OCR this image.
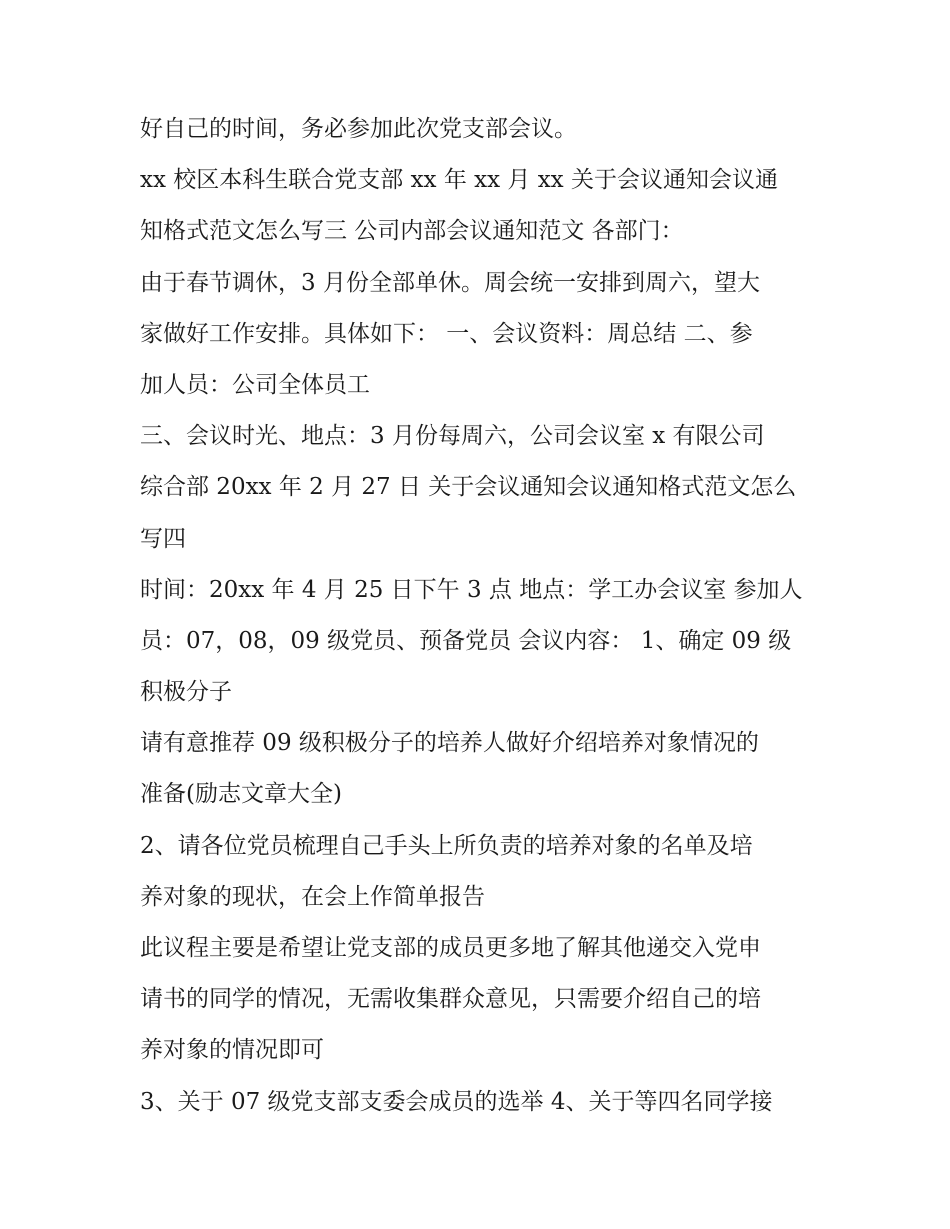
好自己的时间，务必参加此次党支部会议。

xx 校区本科生联合党支部 xx 年 xx 月 xx 关于会议通知会议通

知格式范文怎么写三 公司内部会议通知范文 各部门：

由于春节调休，3 月份全部单休。周会统一安排到周六，望大

家做好工作安排。具体如下： 一、会议资料：周总结 二、参

加人员：公司全体员工

三、会议时光、地点：3 月份每周六，公司会议室 x 有限公司

综合部 20xx 年 2 月 27 日 关于会议通知会议通知格式范文怎么

写四

时间：20xx 年 4 月 25 日下午 3 点 地点：学工办会议室 参加人

员：07，08，09 级党员、预备党员 会议内容： 1、确定 09 级

积极分子

请有意推荐 09 级积极分子的培养人做好介绍培养对象情况的

准备(励志文章大全)

2、请各位党员梳理自己手头上所负责的培养对象的名单及培

养对象的现状，在会上作简单报告

此议程主要是希望让党支部的成员更多地了解其他递交入党申

请书的同学的情况，无需收集群众意见，只需要介绍自己的培

养对象的情况即可

3、关于 07 级党支部支委会成员的选举 4、关于等四名同学接
